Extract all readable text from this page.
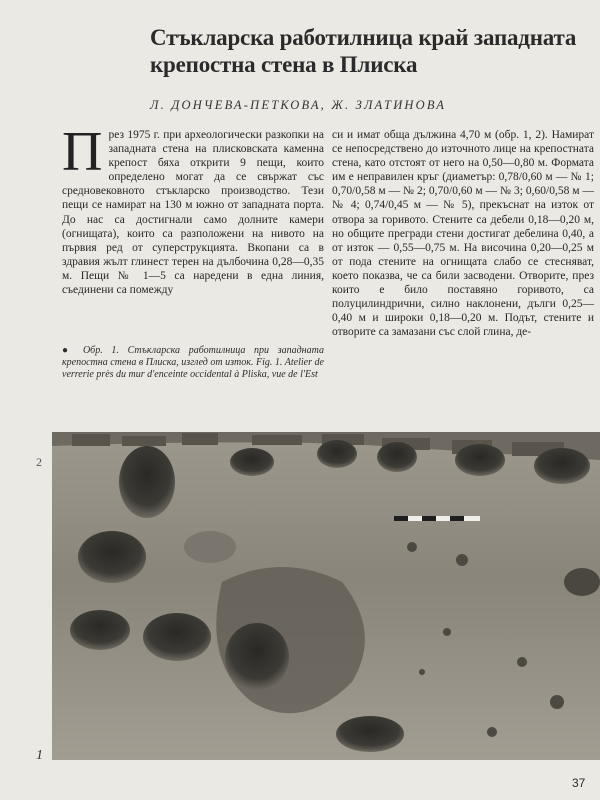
Стъкларска работилница край западната
крепостна стена в Плиска
Л. ДОНЧЕВА-ПЕТКОВА, Ж. ЗЛАТИНОВА
П рез 1975 г. при археологически разкопки на западната стена на плисковската каменна крепост бяха открити 9 пещи, които определено могат да се свържат със средновековното стъкларско производство. Тези пещи се намират на 130 м южно от западната порта. До нас са достигнали само долните камери (огнищата), които са разположени на нивото на първия ред от суперструкцията. Вкопани са в здравия жълт глинест терен на дълбочина 0,28—0,35 м. Пещи № 1—5 са наредени в една линия, съединени са помежду
си и имат обща дължина 4,70 м (обр. 1, 2). Намират се непосредствено до източното лице на крепостната стена, като отстоят от него на 0,50—0,80 м. Формата им е неправилен кръг (диаметър: 0,78/0,60 м — № 1; 0,70/0,58 м — № 2; 0,70/0,60 м — № 3; 0,60/0,58 м — № 4; 0,74/0,45 м — № 5), прекъснат на изток от отвора за горивото. Стените са дебели 0,18—0,20 м, но общите прегради стени достигат дебелина 0,40, а от изток — 0,55—0,75 м. На височина 0,20—0,25 м от пода стените на огнищата слабо се стесняват, което показва, че са били засводени. Отворите, през които е било поставяно горивото, са полуцилиндрични, силно наклонени, дълги 0,25—0,40 м и широки 0,18—0,20 м. Подът, стените и отворите са замазани със слой глина, де-
● Обр. 1. Стъкларска работилница при западната крепостна стена в Плиска, изглед от изток. Fig. 1. Atelier de verrerie près du mur d'enceinte occidental à Pliska, vue de l'Est
2
1
37
